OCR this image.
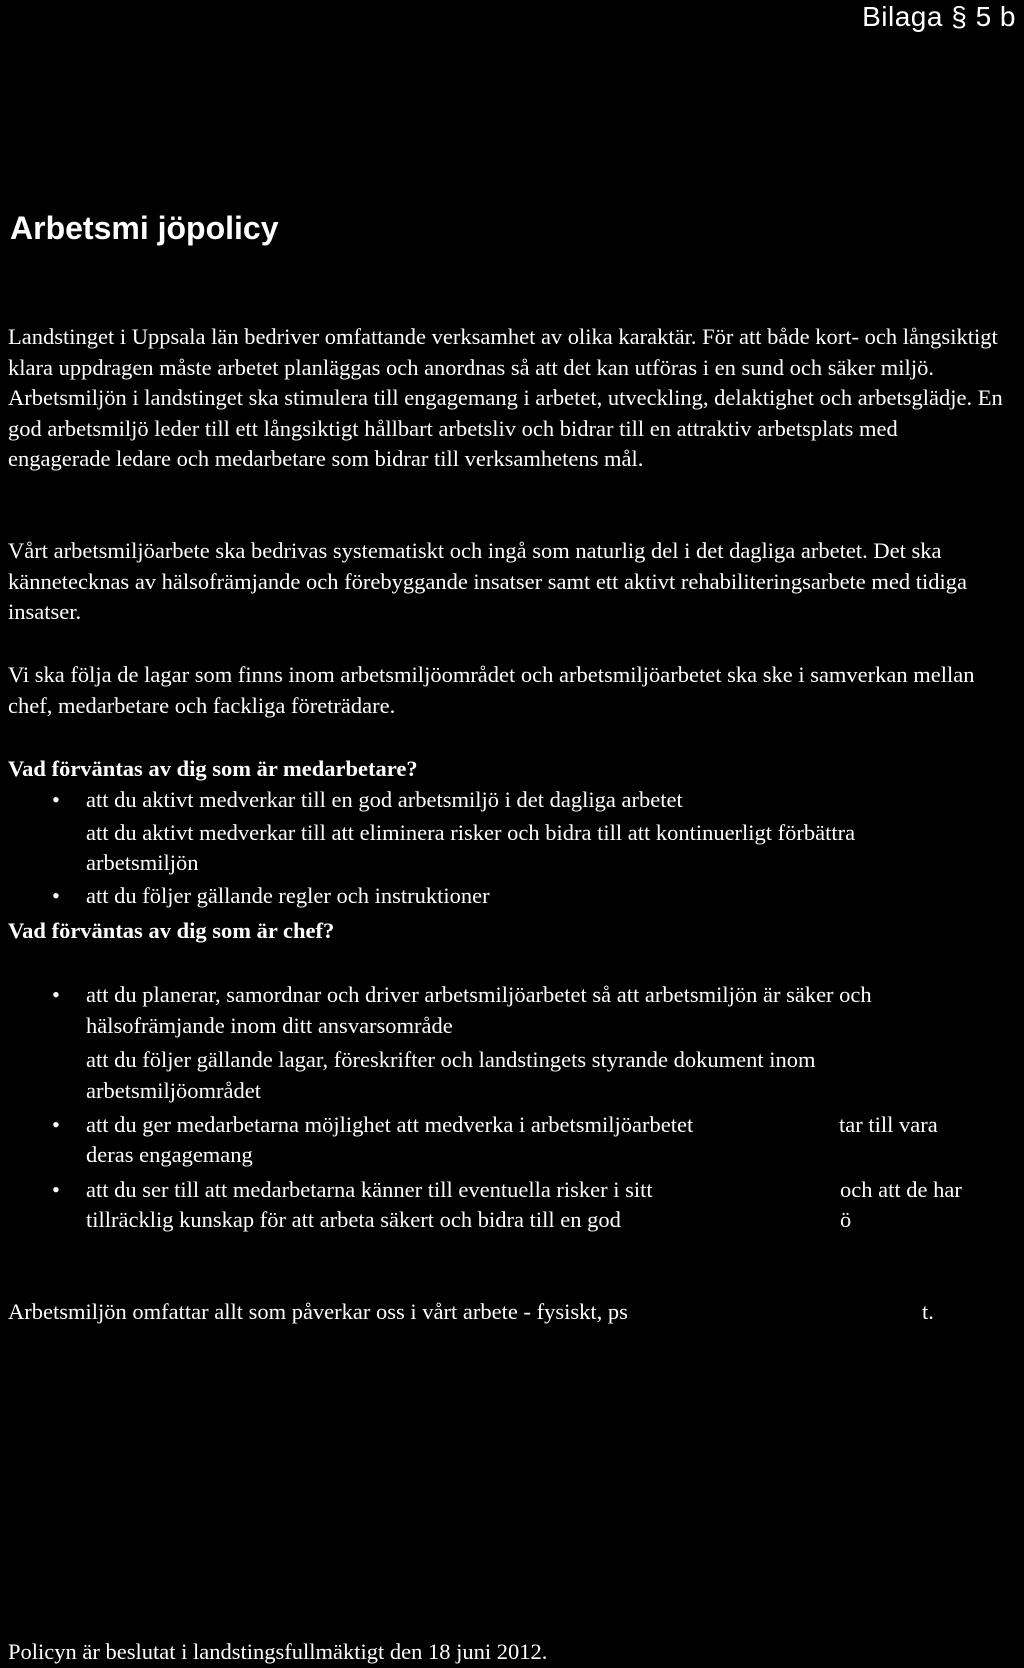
Bilaga § 5 b
Arbetsmi jöpolicy

Landstinget i Uppsala län bedriver omfattande verksamhet av olika karaktär. För att både kort- och långsiktigt klara uppdragen måste arbetet planläggas och anordnas så att det kan utföras i en sund och säker miljö. Arbetsmiljön i landstinget ska stimulera till engagemang i arbetet, utveckling, delaktighet och arbetsglädje. En god arbetsmiljö leder till ett långsiktigt hållbart arbetsliv och bidrar till en attraktiv arbetsplats med engagerade ledare och medarbetare som bidrar till verksamhetens mål.

Vårt arbetsmiljöarbete ska bedrivas systematiskt och ingå som naturlig del i det dagliga arbetet. Det ska kännetecknas av hälsofrämjande och förebyggande insatser samt ett aktivt rehabiliteringsarbete med tidiga insatser.

Vi ska följa de lagar som finns inom arbetsmiljöområdet och arbetsmiljöarbetet ska ske i samverkan mellan chef, medarbetare och fackliga företrädare.

Vad förväntas av dig som är medarbetare?
• att du aktivt medverkar till en god arbetsmiljö i det dagliga arbetet
att du aktivt medverkar till att eliminera risker och bidra till att kontinuerligt förbättra arbetsmiljön
• att du följer gällande regler och instruktioner
Vad förväntas av dig som är chef?
• att du planerar, samordnar och driver arbetsmiljöarbetet så att arbetsmiljön är säker och hälsofrämjande inom ditt ansvarsområde
att du följer gällande lagar, föreskrifter och landstingets styrande dokument inom arbetsmiljöområdet
• att du ger medarbetarna möjlighet att medverka i arbetsmiljöarbetet	tar till vara
deras engagemang
• att du ser till att medarbetarna känner till eventuella risker i sitt	och att de har
tillräcklig kunskap för att arbeta säkert och bidra till en god	ö
Arbetsmiljön omfattar allt som påverkar oss i vårt arbete - fysiskt, ps	t.

Policyn är beslutat i landstingsfullmäktigt den 18 juni 2012.
